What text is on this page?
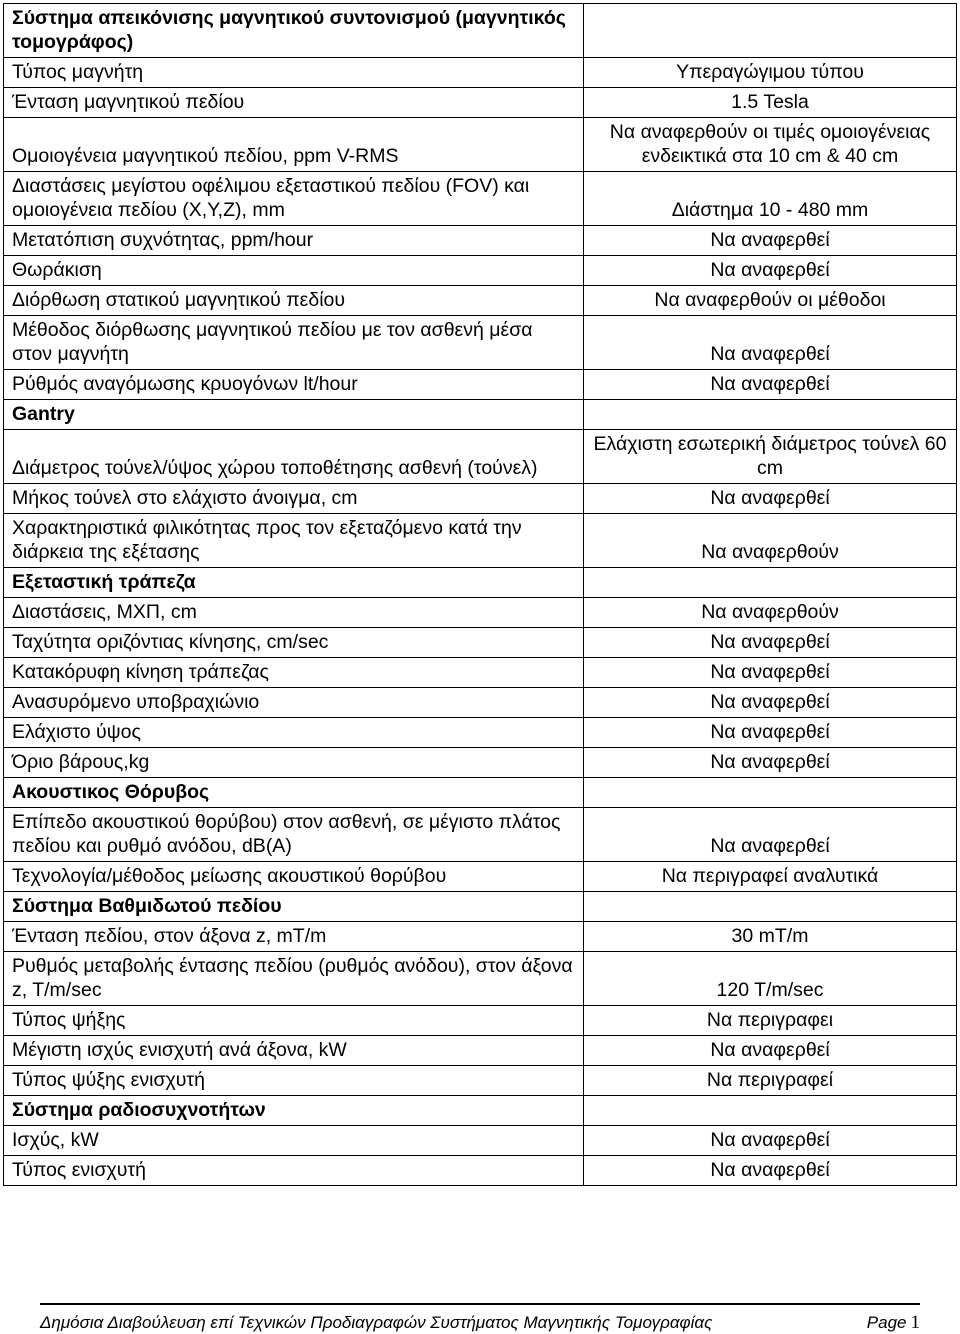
Σύστημα απεικόνισης μαγνητικού συντονισμού (μαγνητικός τομογράφος)	
Τύπος μαγνήτη	Υπεραγώγιμου τύπου
Ένταση μαγνητικού πεδίου	1.5 Tesla
Ομοιογένεια μαγνητικού πεδίου, ppm V-RMS	Να αναφερθούν οι τιμές ομοιογένειας ενδεικτικά στα 10 cm & 40 cm
Διαστάσεις μεγίστου οφέλιμου εξεταστικού πεδίου (FOV) και ομοιογένεια πεδίου (X,Y,Z), mm	Διάστημα 10 - 480 mm
Μετατόπιση συχνότητας, ppm/hour	Να αναφερθεί
Θωράκιση	Να αναφερθεί
Διόρθωση στατικού μαγνητικού πεδίου	Να αναφερθούν οι μέθοδοι
Μέθοδος διόρθωσης μαγνητικού πεδίου με τον ασθενή μέσα στον μαγνήτη	Να αναφερθεί
Ρύθμός αναγόμωσης κρυογόνων lt/hour	Να αναφερθεί
Gantry	
Διάμετρος τούνελ/ύψος χώρου τοποθέτησης ασθενή (τούνελ)	Ελάχιστη εσωτερική διάμετρος τούνελ 60 cm
Μήκος τούνελ στο ελάχιστο άνοιγμα, cm	Να αναφερθεί
Χαρακτηριστικά φιλικότητας προς τον εξεταζόμενο κατά την διάρκεια της εξέτασης	Να αναφερθούν
Εξεταστική τράπεζα	
Διαστάσεις, ΜΧΠ, cm	Να αναφερθούν
Ταχύτητα οριζόντιας κίνησης, cm/sec	Να αναφερθεί
Κατακόρυφη κίνηση τράπεζας	Να αναφερθεί
Ανασυρόμενο υποβραχιώνιο	Να αναφερθεί
Ελάχιστο ύψος	Να αναφερθεί
Όριο βάρους,kg	Να αναφερθεί
Ακουστικος Θόρυβος	
Επίπεδο ακουστικού θορύβου) στον ασθενή, σε μέγιστο πλάτος πεδίου και ρυθμό ανόδου, dB(A)	Να αναφερθεί
Τεχνολογία/μέθοδος μείωσης ακουστικού θορύβου	Να περιγραφεί αναλυτικά
Σύστημα Βαθμιδωτού πεδίου	
Ένταση πεδίου, στον άξονα z, mT/m	30 mT/m
Ρυθμός μεταβολής έντασης πεδίου (ρυθμός ανόδου), στον άξονα z, T/m/sec	120 T/m/sec
Τύπος ψήξης	Να περιγραφει
Μέγιστη ισχύς ενισχυτή ανά άξονα, kW	Να αναφερθεί
Τύπος ψύξης ενισχυτή	Να περιγραφεί
Σύστημα ραδιοσυχνοτήτων	
Ισχύς, kW	Να αναφερθεί
Τύπος ενισχυτή	Να αναφερθεί
Δημόσια Διαβούλευση επί Τεχνικών Προδιαγραφών Συστήματος Μαγνητικής Τομογραφίας	Page 1
